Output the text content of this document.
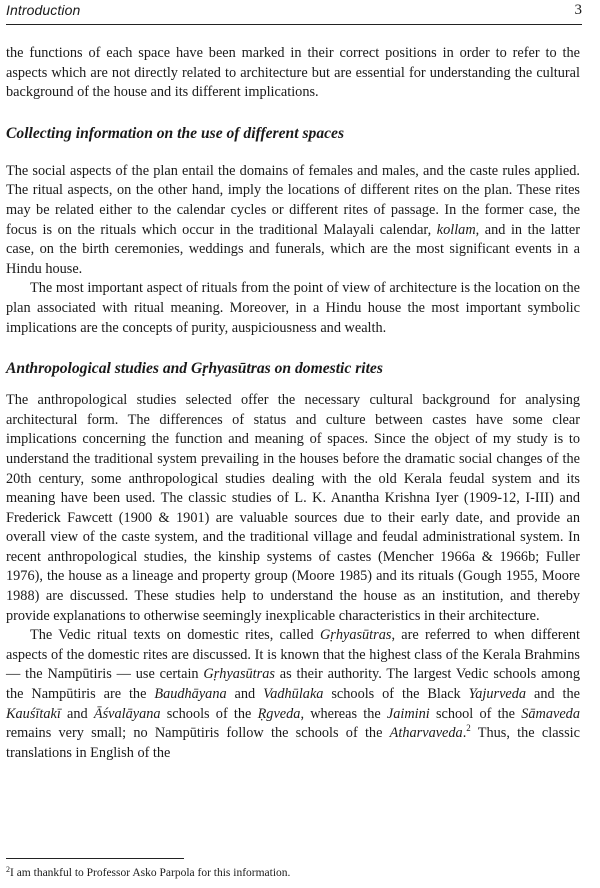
Introduction	3

the functions of each space have been marked in their correct positions in order to refer to the aspects which are not directly related to architecture but are essential for understanding the cultural background of the house and its different implications.

Collecting information on the use of different spaces

The social aspects of the plan entail the domains of females and males, and the caste rules applied. The ritual aspects, on the other hand, imply the locations of different rites on the plan. These rites may be related either to the calendar cycles or different rites of passage. In the former case, the focus is on the rituals which occur in the traditional Malayali calendar, kollam, and in the latter case, on the birth ceremonies, weddings and funerals, which are the most significant events in a Hindu house.

The most important aspect of rituals from the point of view of architecture is the location on the plan associated with ritual meaning. Moreover, in a Hindu house the most important symbolic implications are the concepts of purity, auspiciousness and wealth.

Anthropological studies and Gṛhyasūtras on domestic rites

The anthropological studies selected offer the necessary cultural background for analysing architectural form. The differences of status and culture between castes have some clear implications concerning the function and meaning of spaces. Since the object of my study is to understand the traditional system prevailing in the houses before the dramatic social changes of the 20th century, some anthropological studies dealing with the old Kerala feudal system and its meaning have been used. The classic studies of L. K. Anantha Krishna Iyer (1909-12, I-III) and Frederick Fawcett (1900 & 1901) are valuable sources due to their early date, and provide an overall view of the caste system, and the traditional village and feudal administrational system. In recent anthropological studies, the kinship systems of castes (Mencher 1966a & 1966b; Fuller 1976), the house as a lineage and property group (Moore 1985) and its rituals (Gough 1955, Moore 1988) are discussed. These studies help to understand the house as an institution, and thereby provide explanations to otherwise seemingly inexplicable characteristics in their architecture.

The Vedic ritual texts on domestic rites, called Gṛhyasūtras, are referred to when different aspects of the domestic rites are discussed. It is known that the highest class of the Kerala Brahmins — the Nampūtiris — use certain Gṛhyasūtras as their authority. The largest Vedic schools among the Nampūtiris are the Baudhāyana and Vadhūlaka schools of the Black Yajurveda and the Kauśītakī and Āśvalāyana schools of the Ṛgveda, whereas the Jaimini school of the Sāmaveda remains very small; no Nampūtiris follow the schools of the Atharvaveda.$^2$ Thus, the classic translations in English of the

$^2$I am thankful to Professor Asko Parpola for this information.
